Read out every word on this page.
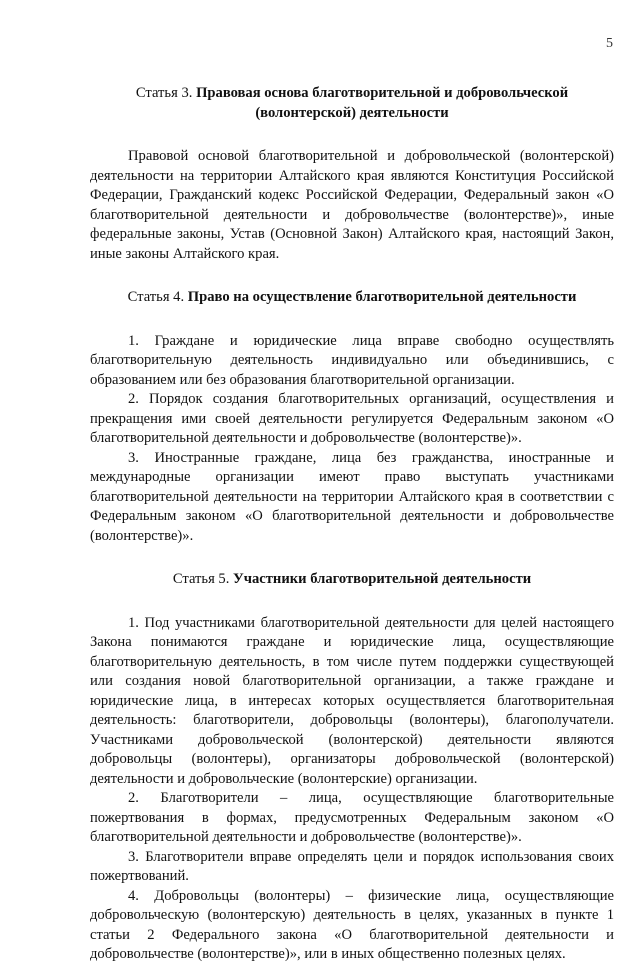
5

Статья 3. Правовая основа благотворительной и добровольческой (волонтерской) деятельности

Правовой основой благотворительной и добровольческой (волонтерской) деятельности на территории Алтайского края являются Конституция Российской Федерации, Гражданский кодекс Российской Федерации, Федеральный закон «О благотворительной деятельности и добровольчестве (волонтерстве)», иные федеральные законы, Устав (Основной Закон) Алтайского края, настоящий Закон, иные законы Алтайского края.

Статья 4. Право на осуществление благотворительной деятельности

1. Граждане и юридические лица вправе свободно осуществлять благотворительную деятельность индивидуально или объединившись, с образованием или без образования благотворительной организации.

2. Порядок создания благотворительных организаций, осуществления и прекращения ими своей деятельности регулируется Федеральным законом «О благотворительной деятельности и добровольчестве (волонтерстве)».

3. Иностранные граждане, лица без гражданства, иностранные и международные организации имеют право выступать участниками благотворительной деятельности на территории Алтайского края в соответствии с Федеральным законом «О благотворительной деятельности и добровольчестве (волонтерстве)».

Статья 5. Участники благотворительной деятельности

1. Под участниками благотворительной деятельности для целей настоящего Закона понимаются граждане и юридические лица, осуществляющие благотворительную деятельность, в том числе путем поддержки существующей или создания новой благотворительной организации, а также граждане и юридические лица, в интересах которых осуществляется благотворительная деятельность: благотворители, добровольцы (волонтеры), благополучатели. Участниками добровольческой (волонтерской) деятельности являются добровольцы (волонтеры), организаторы добровольческой (волонтерской) деятельности и добровольческие (волонтерские) организации.

2. Благотворители – лица, осуществляющие благотворительные пожертвования в формах, предусмотренных Федеральным законом «О благотворительной деятельности и добровольчестве (волонтерстве)».

3. Благотворители вправе определять цели и порядок использования своих пожертвований.

4. Добровольцы (волонтеры) – физические лица, осуществляющие добровольческую (волонтерскую) деятельность в целях, указанных в пункте 1 статьи 2 Федерального закона «О благотворительной деятельности и добровольчестве (волонтерстве)», или в иных общественно полезных целях.
